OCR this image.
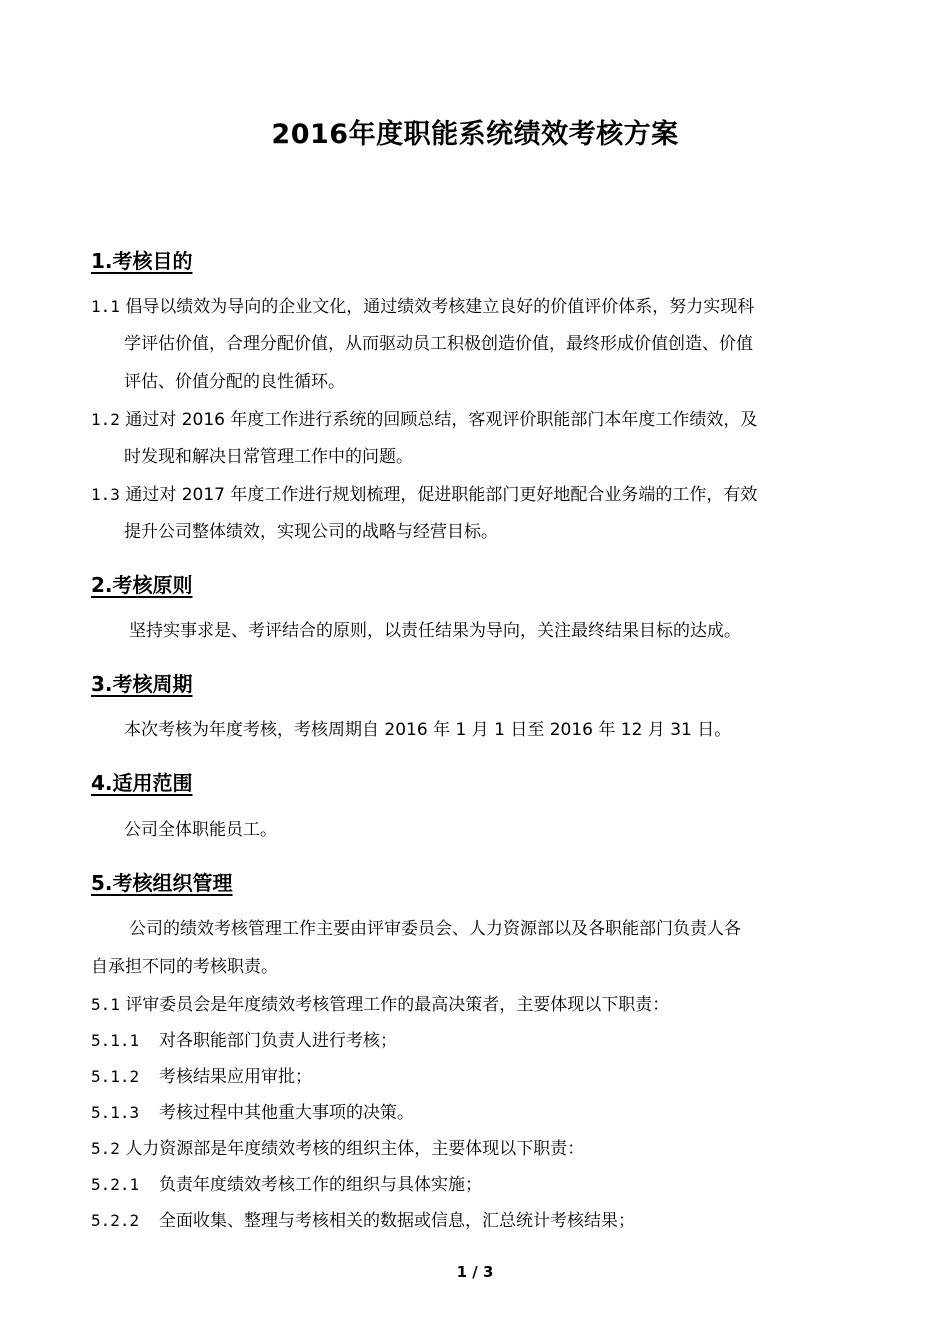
2016年度职能系统绩效考核方案
1.考核目的
1.1 倡导以绩效为导向的企业文化，通过绩效考核建立良好的价值评价体系，努力实现科
学评估价值，合理分配价值，从而驱动员工积极创造价值，最终形成价值创造、价值
评估、价值分配的良性循环。
1.2 通过对 2016 年度工作进行系统的回顾总结，客观评价职能部门本年度工作绩效，及
时发现和解决日常管理工作中的问题。
1.3 通过对 2017 年度工作进行规划梳理，促进职能部门更好地配合业务端的工作，有效
提升公司整体绩效，实现公司的战略与经营目标。
2.考核原则
坚持实事求是、考评结合的原则，以责任结果为导向，关注最终结果目标的达成。
3.考核周期
本次考核为年度考核，考核周期自 2016 年 1 月 1 日至 2016 年 12 月 31 日。
4.适用范围
公司全体职能员工。
5.考核组织管理
公司的绩效考核管理工作主要由评审委员会、人力资源部以及各职能部门负责人各
自承担不同的考核职责。
5.1 评审委员会是年度绩效考核管理工作的最高决策者，主要体现以下职责：
5.1.1 对各职能部门负责人进行考核；
5.1.2 考核结果应用审批；
5.1.3 考核过程中其他重大事项的决策。
5.2 人力资源部是年度绩效考核的组织主体，主要体现以下职责：
5.2.1 负责年度绩效考核工作的组织与具体实施；
5.2.2 全面收集、整理与考核相关的数据或信息，汇总统计考核结果；
1 / 3
